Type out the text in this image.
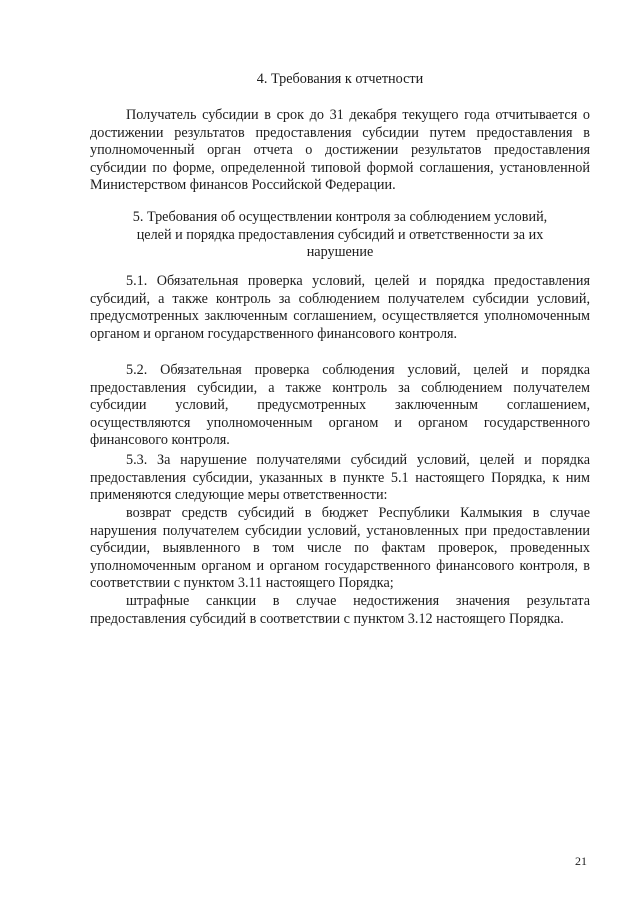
4. Требования к отчетности

Получатель субсидии в срок до 31 декабря текущего года отчитывается о достижении результатов предоставления субсидии путем предоставления в уполномоченный орган отчета о достижении результатов предоставления субсидии по форме, определенной типовой формой соглашения, установленной Министерством финансов Российской Федерации.

5. Требования об осуществлении контроля за соблюдением условий, целей и порядка предоставления субсидий и ответственности за их нарушение

5.1. Обязательная проверка условий, целей и порядка предоставления субсидий, а также контроль за соблюдением получателем субсидии условий, предусмотренных заключенным соглашением, осуществляется уполномоченным органом и органом государственного финансового контроля.

5.2. Обязательная проверка соблюдения условий, целей и порядка предоставления субсидии, а также контроль за соблюдением получателем субсидии условий, предусмотренных заключенным соглашением, осуществляются уполномоченным органом и органом государственного финансового контроля.

5.3. За нарушение получателями субсидий условий, целей и порядка предоставления субсидии, указанных в пункте 5.1 настоящего Порядка, к ним применяются следующие меры ответственности:

возврат средств субсидий в бюджет Республики Калмыкия в случае нарушения получателем субсидии условий, установленных при предоставлении субсидии, выявленного в том числе по фактам проверок, проведенных уполномоченным органом и органом государственного финансового контроля, в соответствии с пунктом 3.11 настоящего Порядка;

штрафные санкции в случае недостижения значения результата предоставления субсидий в соответствии с пунктом 3.12 настоящего Порядка.

21
